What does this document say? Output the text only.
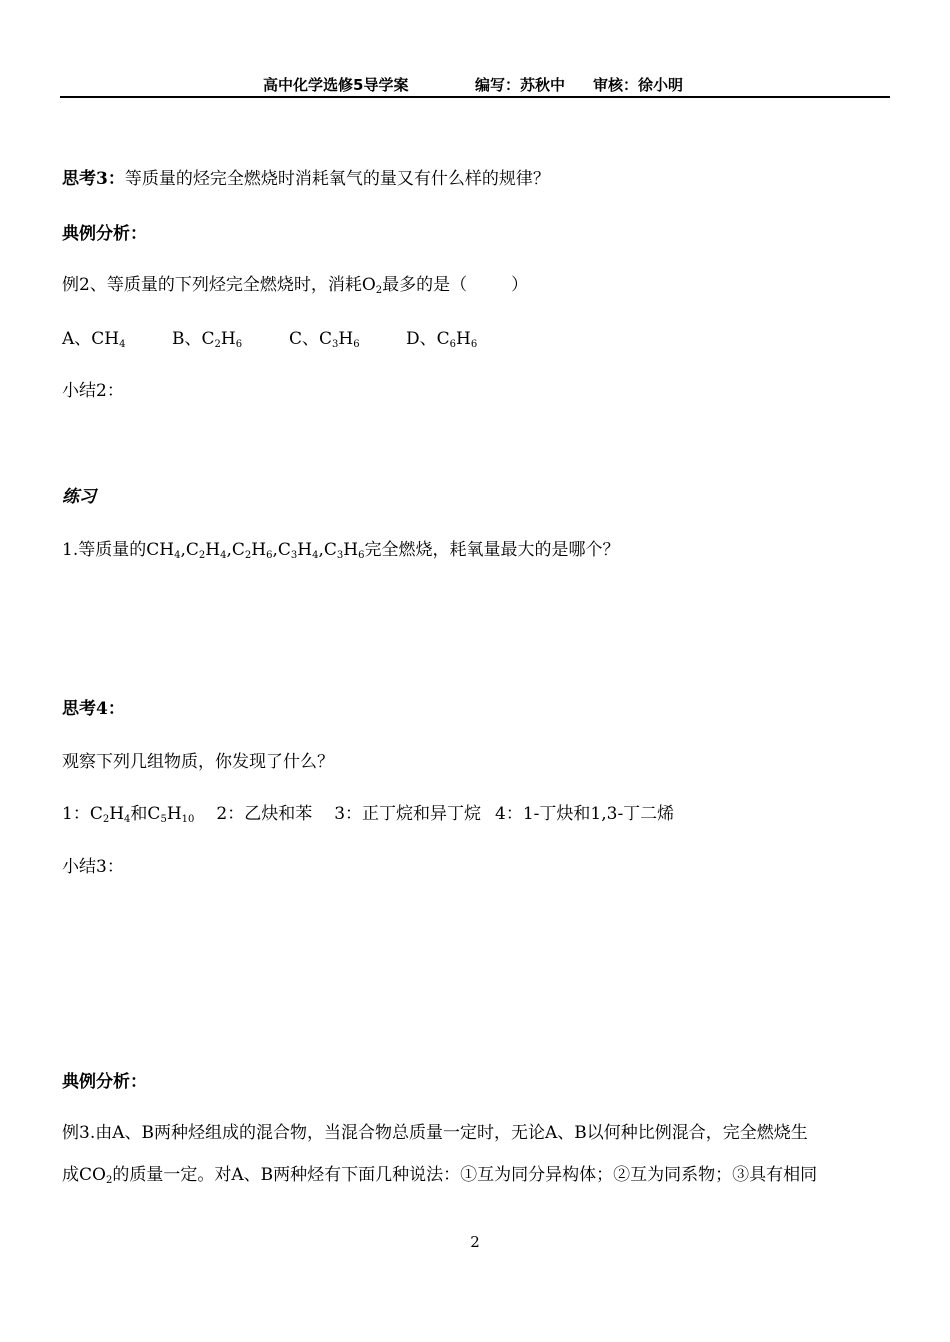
高中化学选修5导学案	编写：苏秋中 审核：徐小明
思考3：等质量的烃完全燃烧时消耗氧气的量又有什么样的规律？
典例分析：
例2、等质量的下列烃完全燃烧时，消耗$O_2$最多的是（	）
A、$CH_4$	B、$C_2H_6$	C、$C_3H_6$	D、$C_6H_6$
小结2：
练习
1.等质量的$CH_4,C_2H_4,C_2H_6,C_3H_4,C_3H_6$完全燃烧，耗氧量最大的是哪个？
思考4：
观察下列几组物质，你发现了什么？
1：$C_2H_4$和$C_5H_{10}$ 2：乙炔和苯 3：正丁烷和异丁烷 4：1-丁炔和1,3-丁二烯
小结3：
典例分析：
例3.由A、B两种烃组成的混合物，当混合物总质量一定时，无论A、B以何种比例混合，完全燃烧生
成$CO_2$的质量一定。对A、B两种烃有下面几种说法：①互为同分异构体；②互为同系物；③具有相同
2
